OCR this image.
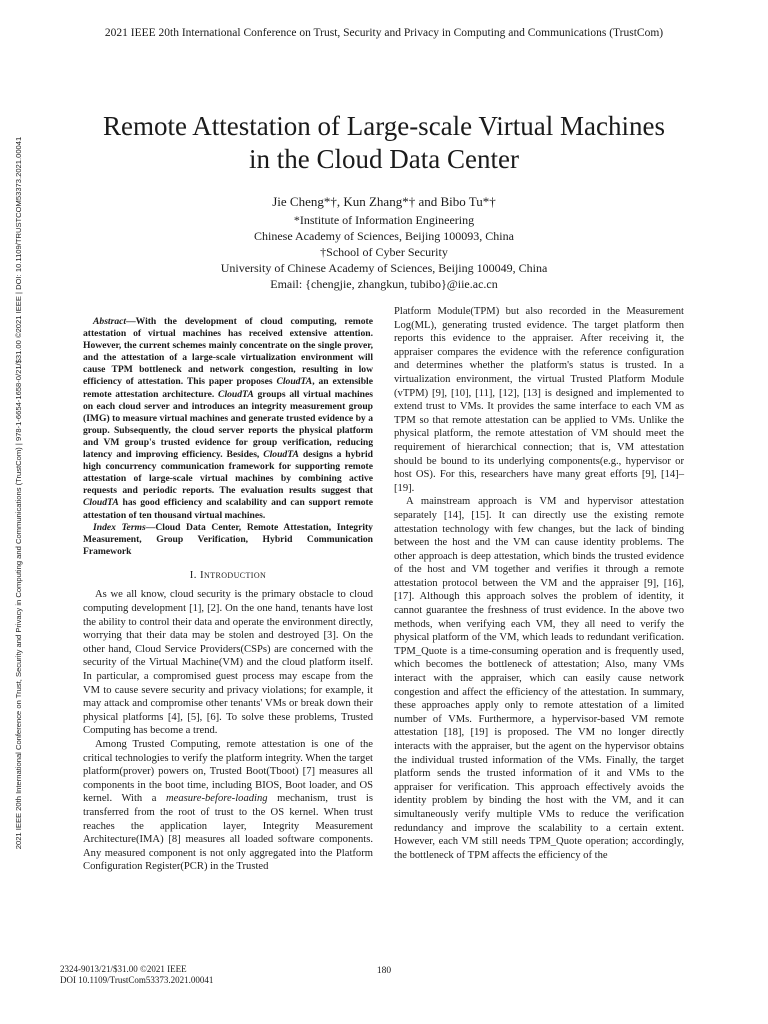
2021 IEEE 20th International Conference on Trust, Security and Privacy in Computing and Communications (TrustCom)
2021 IEEE 20th International Conference on Trust, Security and Privacy in Computing and Communications (TrustCom) | 978-1-6654-1658-0/21/$31.00 ©2021 IEEE | DOI: 10.1109/TRUSTCOM53373.2021.00041
Remote Attestation of Large-scale Virtual Machines
in the Cloud Data Center
Jie Cheng*†, Kun Zhang*† and Bibo Tu*†
*Institute of Information Engineering
Chinese Academy of Sciences, Beijing 100093, China
†School of Cyber Security
University of Chinese Academy of Sciences, Beijing 100049, China
Email: {chengjie, zhangkun, tubibo}@iie.ac.cn

Abstract—With the development of cloud computing, remote attestation of virtual machines has received extensive attention. However, the current schemes mainly concentrate on the single prover, and the attestation of a large-scale virtualization environment will cause TPM bottleneck and network congestion, resulting in low efficiency of attestation. This paper proposes CloudTA, an extensible remote attestation architecture. CloudTA groups all virtual machines on each cloud server and introduces an integrity measurement group (IMG) to measure virtual machines and generate trusted evidence by a group. Subsequently, the cloud server reports the physical platform and VM group's trusted evidence for group verification, reducing latency and improving efficiency. Besides, CloudTA designs a hybrid high concurrency communication framework for supporting remote attestation of large-scale virtual machines by combining active requests and periodic reports. The evaluation results suggest that CloudTA has good efficiency and scalability and can support remote attestation of ten thousand virtual machines.

Index Terms—Cloud Data Center, Remote Attestation, Integrity Measurement, Group Verification, Hybrid Communication Framework

I. Introduction

As we all know, cloud security is the primary obstacle to cloud computing development [1], [2]. On the one hand, tenants have lost the ability to control their data and operate the environment directly, worrying that their data may be stolen and destroyed [3]. On the other hand, Cloud Service Providers(CSPs) are concerned with the security of the Virtual Machine(VM) and the cloud platform itself. In particular, a compromised guest process may escape from the VM to cause severe security and privacy violations; for example, it may attack and compromise other tenants' VMs or break down their physical platforms [4], [5], [6]. To solve these problems, Trusted Computing has become a trend.

Among Trusted Computing, remote attestation is one of the critical technologies to verify the platform integrity. When the target platform(prover) powers on, Trusted Boot(Tboot) [7] measures all components in the boot time, including BIOS, Boot loader, and OS kernel. With a measure-before-loading mechanism, trust is transferred from the root of trust to the OS kernel. When trust reaches the application layer, Integrity Measurement Architecture(IMA) [8] measures all loaded software components. Any measured component is not only aggregated into the Platform Configuration Register(PCR) in the Trusted

Platform Module(TPM) but also recorded in the Measurement Log(ML), generating trusted evidence. The target platform then reports this evidence to the appraiser. After receiving it, the appraiser compares the evidence with the reference configuration and determines whether the platform's status is trusted. In a virtualization environment, the virtual Trusted Platform Module (vTPM) [9], [10], [11], [12], [13] is designed and implemented to extend trust to VMs. It provides the same interface to each VM as TPM so that remote attestation can be applied to VMs. Unlike the physical platform, the remote attestation of VM should meet the requirement of hierarchical connection; that is, VM attestation should be bound to its underlying components(e.g., hypervisor or host OS). For this, researchers have many great efforts [9], [14]–[19].

A mainstream approach is VM and hypervisor attestation separately [14], [15]. It can directly use the existing remote attestation technology with few changes, but the lack of binding between the host and the VM can cause identity problems. The other approach is deep attestation, which binds the trusted evidence of the host and VM together and verifies it through a remote attestation protocol between the VM and the appraiser [9], [16], [17]. Although this approach solves the problem of identity, it cannot guarantee the freshness of trust evidence. In the above two methods, when verifying each VM, they all need to verify the physical platform of the VM, which leads to redundant verification. TPM_Quote is a time-consuming operation and is frequently used, which becomes the bottleneck of attestation; Also, many VMs interact with the appraiser, which can easily cause network congestion and affect the efficiency of the attestation. In summary, these approaches apply only to remote attestation of a limited number of VMs. Furthermore, a hypervisor-based VM remote attestation [18], [19] is proposed. The VM no longer directly interacts with the appraiser, but the agent on the hypervisor obtains the individual trusted information of the VMs. Finally, the target platform sends the trusted information of it and VMs to the appraiser for verification. This approach effectively avoids the identity problem by binding the host with the VM, and it can simultaneously verify multiple VMs to reduce the verification redundancy and improve the scalability to a certain extent. However, each VM still needs TPM_Quote operation; accordingly, the bottleneck of TPM affects the efficiency of the

2324-9013/21/$31.00 ©2021 IEEE
DOI 10.1109/TrustCom53373.2021.00041
180
